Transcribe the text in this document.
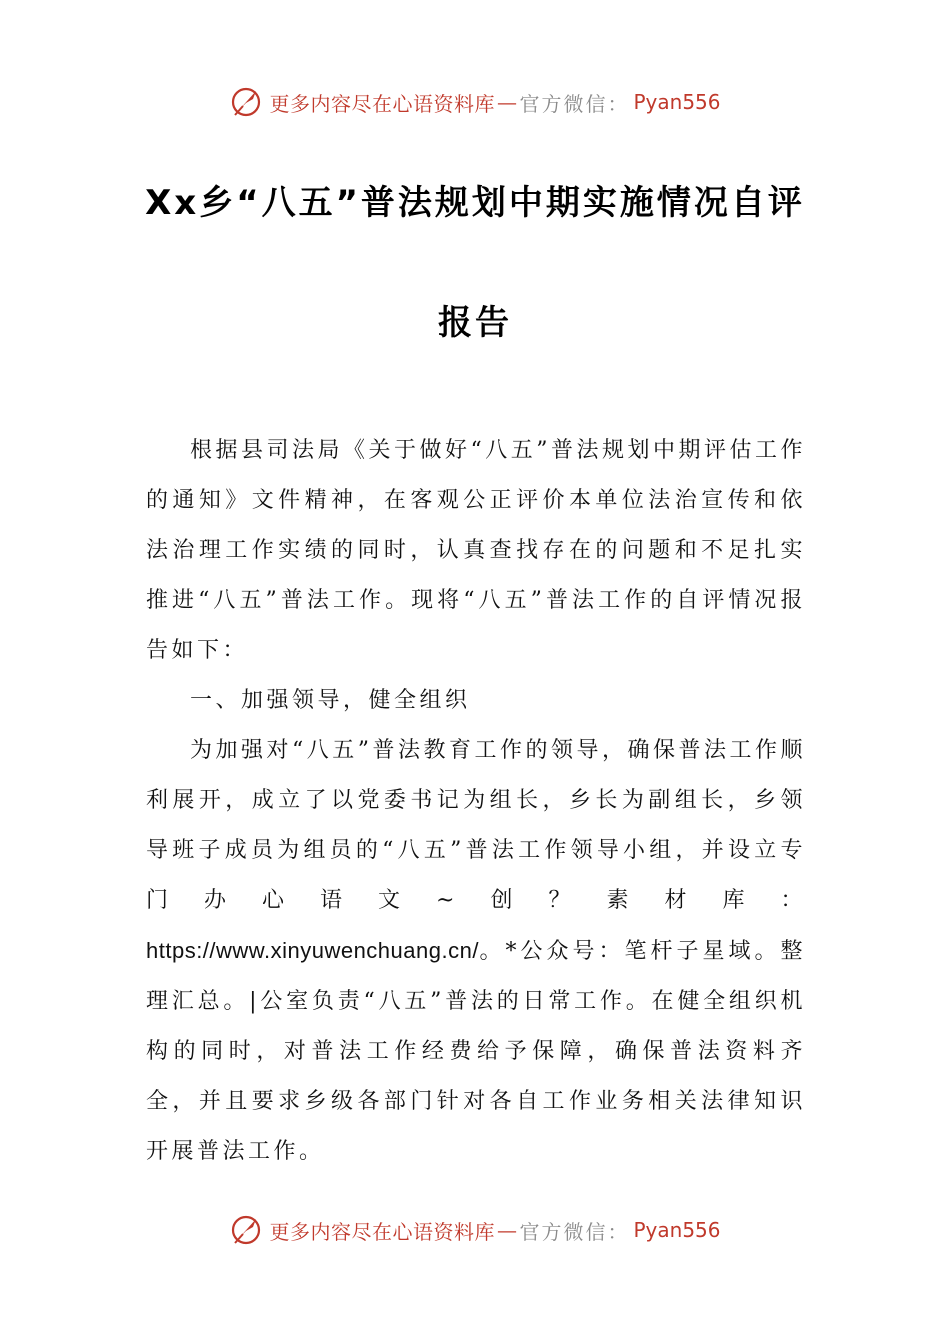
更多内容尽在心语资料库 — 官方微信： Pyan556
Xx乡“八五”普法规划中期实施情况自评
报告

根据县司法局《关于做好“八五”普法规划中期评估工作的通知》文件精神，在客观公正评价本单位法治宣传和依法治理工作实绩的同时，认真查找存在的问题和不足扎实推进“八五”普法工作。现将“八五”普法工作的自评情况报告如下：

一、加强领导，健全组织

为加强对“八五”普法教育工作的领导，确保普法工作顺利展开，成立了以党委书记为组长，乡长为副组长，乡领导班子成员为组员的“八五”普法工作领导小组，并设立专门办心语文~创？素材库：https://www.xinyuwenchuang.cn/。*公众号：笔杆子星域。整理汇总。|公室负责“八五”普法的日常工作。在健全组织机构的同时，对普法工作经费给予保障，确保普法资料齐全，并且要求乡级各部门针对各自工作业务相关法律知识开展普法工作。

更多内容尽在心语资料库 — 官方微信： Pyan556
